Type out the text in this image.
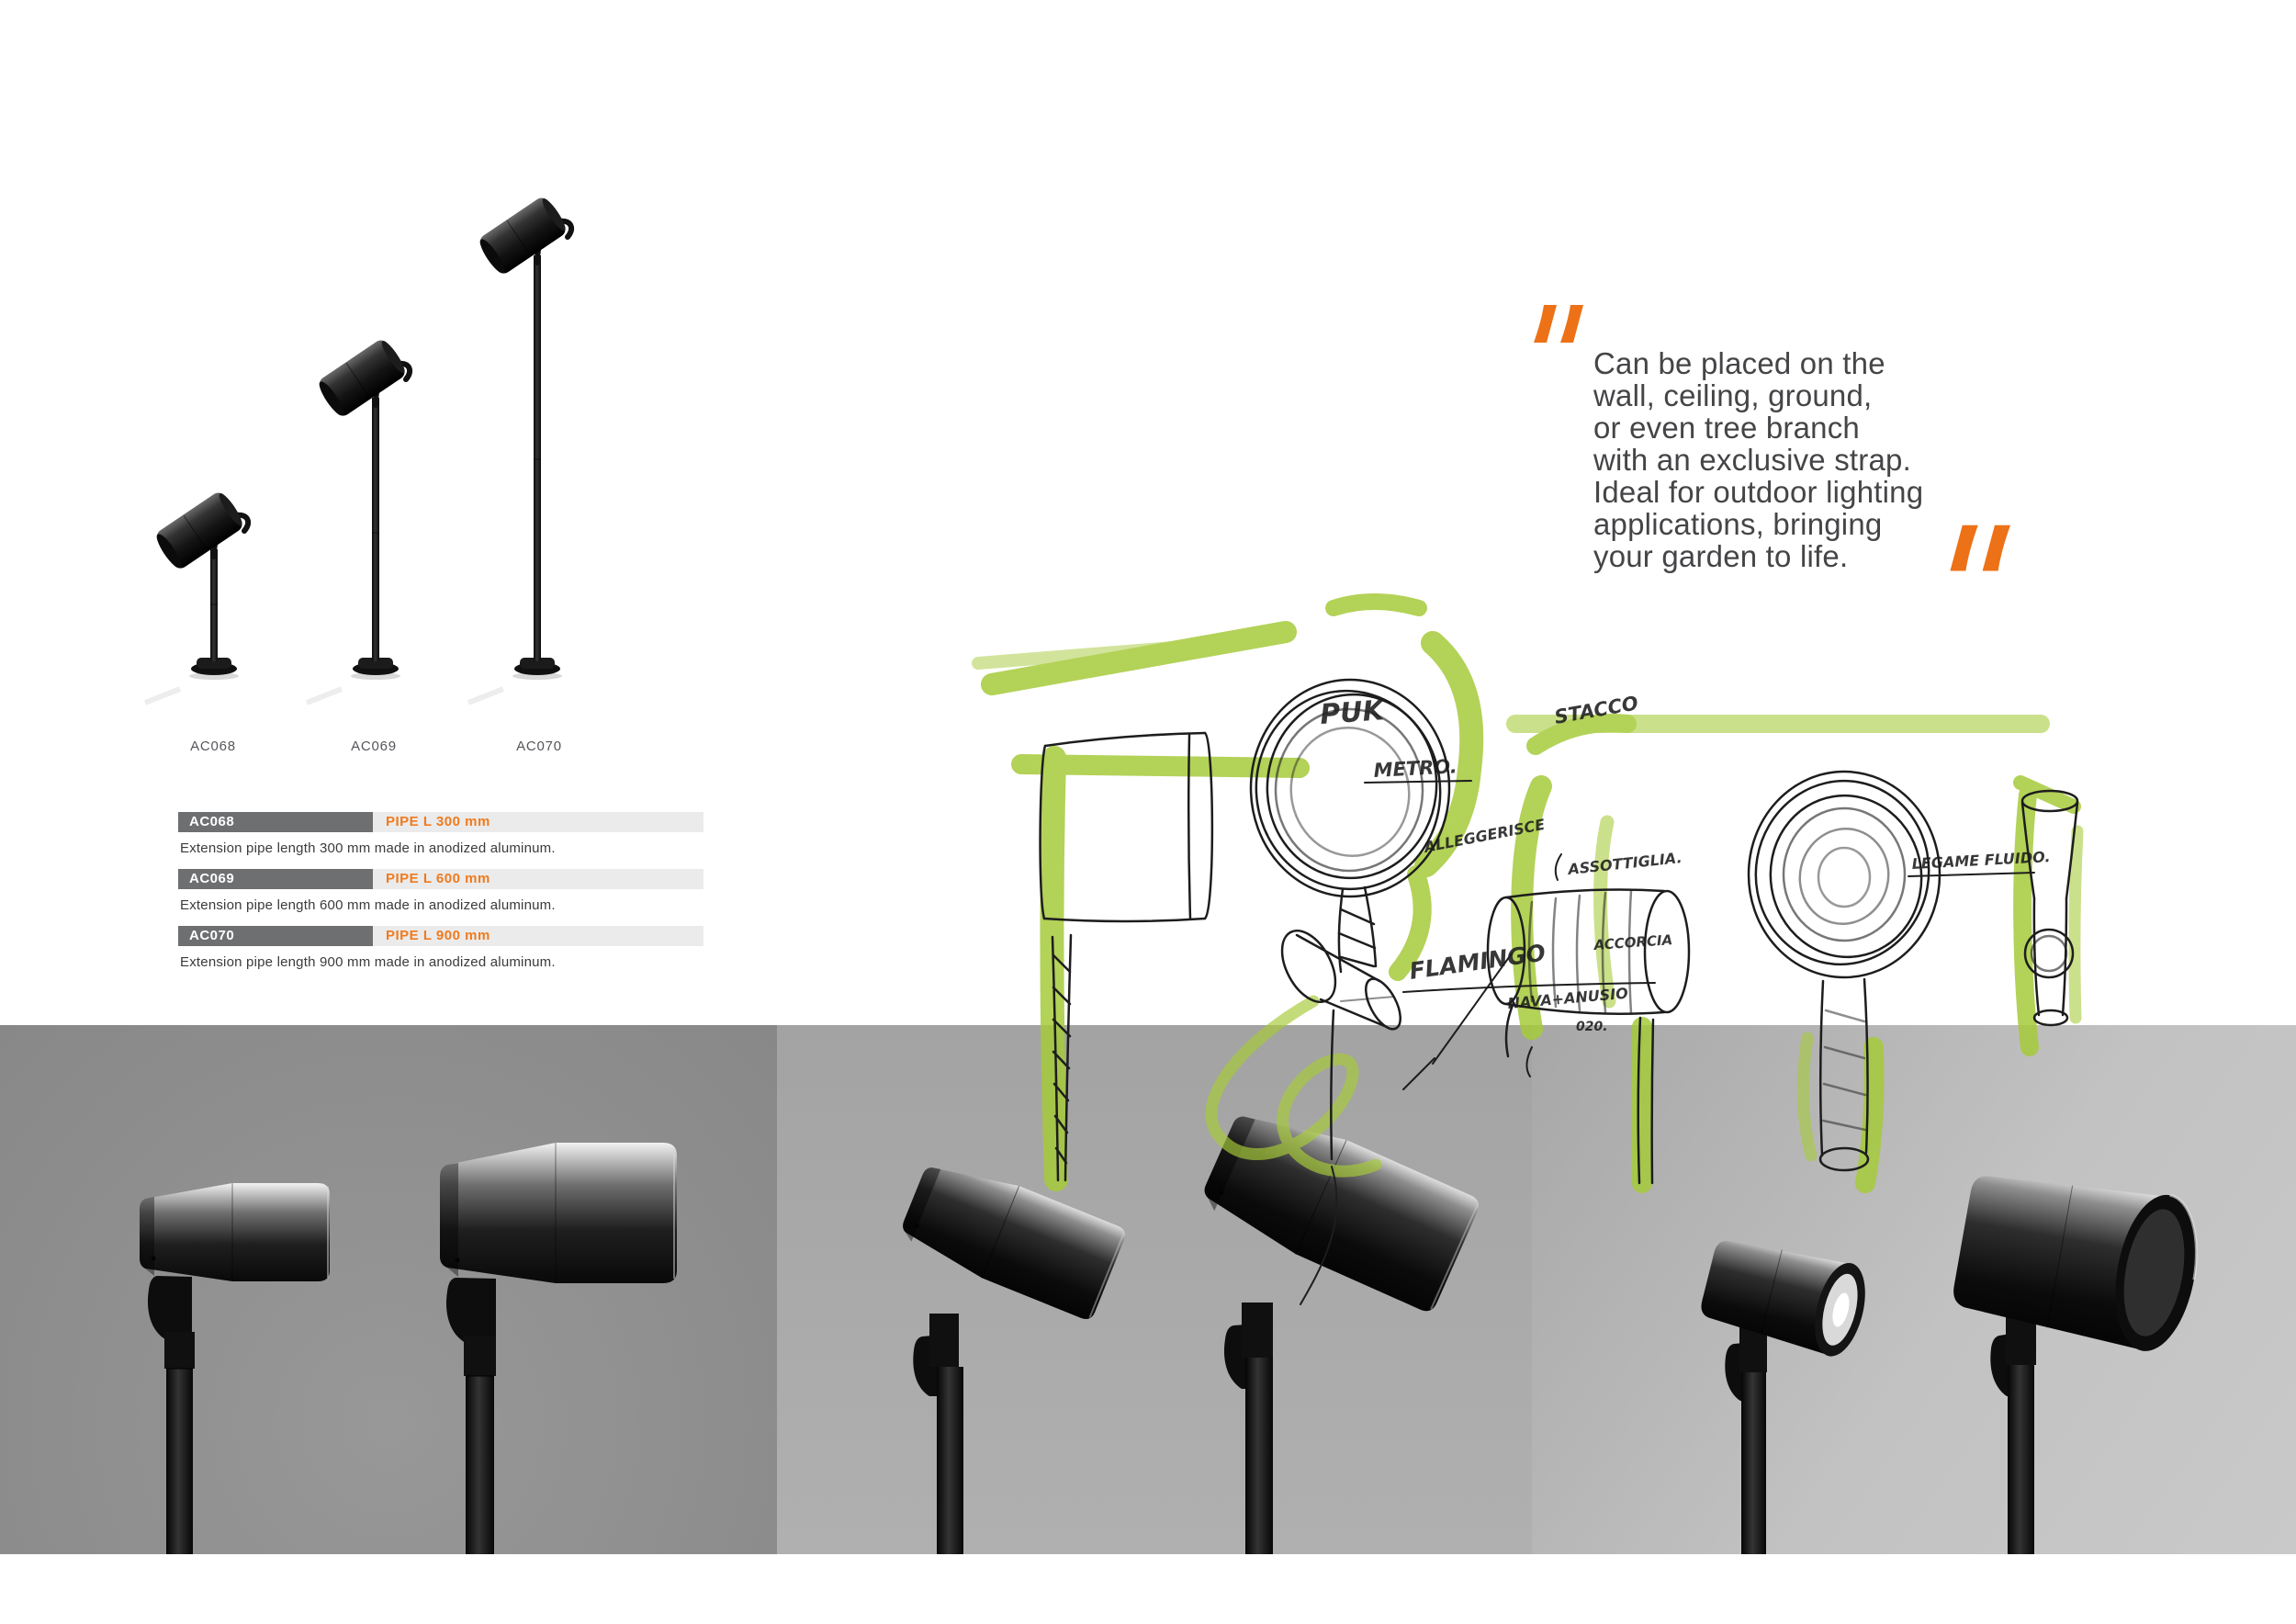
AC068	AC069	AC070
AC068	PIPE L 300 mm
Extension pipe length 300 mm made in anodized aluminum.
AC069	PIPE L 600 mm
Extension pipe length 600 mm made in anodized aluminum.
AC070	PIPE L 900 mm
Extension pipe length 900 mm made in anodized aluminum.
Can be placed on the
wall, ceiling, ground,
or even tree branch
with an exclusive strap.
Ideal for outdoor lighting
applications, bringing
your garden to life.
PUK
METRO.
STACCO
ALLEGGERISCE
ASSOTTIGLIA.
ACCORCIA
LEGAME FLUIDO.
FLAMINGO
NAVA+ANUSIO
020.
